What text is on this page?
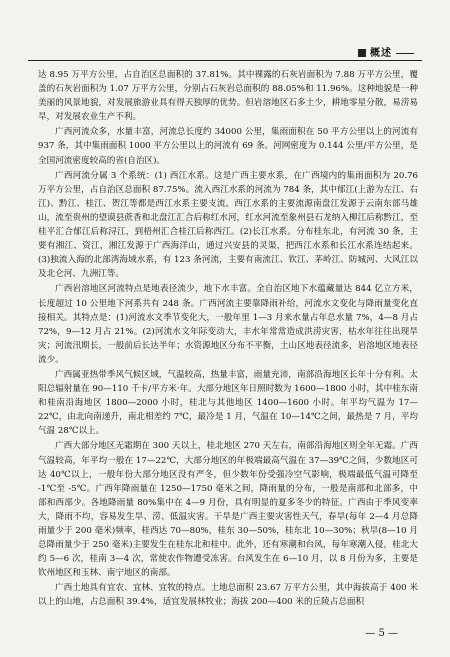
概述

达 8.95 万平方公里，占自治区总面积的 37.81%。其中裸露的石灰岩面积为 7.88 万平方公里，覆盖的石灰岩面积为 1.07 万平方公里，分别占石灰岩总面积的 88.05%和 11.96%。这种地貌是一种美丽的风景地貌，对发展旅游业具有得天独厚的优势。但岩溶地区石多土少，耕地零星分散，易涝易旱，对发展农业生产不利。

广西河流众多，水量丰富，河流总长度约 34000 公里，集雨面积在 50 平方公里以上的河流有 937 条，其中集雨面积 1000 平方公里以上的河流有 69 条。河网密度为 0.144 公里/平方公里，是全国河流密度较高的省(自治区)。

广西河流分属 3 个系统：(1) 西江水系。这是广西主要水系，在广西境内的集雨面积为 20.76 万平方公里，占自治区总面积 87.75%。流入西江水系的河流为 784 条，其中郁江(上游为左江、右江)、黔江、桂江、贺江等都是西江水系主要支流。西江水系的主要流源南盘江发源于云南东部马雄山，流至贵州的望谟县蔗香和北盘江汇合后称红水河，红水河流至象州县石龙纳入柳江后称黔江，至桂平汇合郁江后称浔江，到梧州汇合桂江后称西江。(2)长江水系。分布桂东北，有河流 30 条，主要有湘江、资江，湘江发源于广西海洋山，通过兴安县的灵渠，把西江水系和长江水系连结起来。(3)独流入海的北部湾海域水系，有 123 条河流，主要有南流江、钦江、茅岭江、防城河、大风江以及北仑河、九洲江等。

广西岩溶地区河流特点是地表径流少，地下水丰富。全自治区地下水蕴藏量达 844 亿立方米，长度超过 10 公里地下河系共有 248 条。广西河流主要靠降雨补给，河流水文变化与降雨量变化直接相关。其特点是：(1)河流水文季节变化大，一般年里 1—3 月来水量占年总水量 7%，4—8 月占 72%，9—12 月占 21%。(2)河流水文年际变动大，丰水年常常造成洪涝灾害，枯水年往往出现旱灾；河流汛期长，一般前后长达半年；水资源地区分布不平衡，土山区地表径流多，岩溶地区地表径流少。

广西属亚热带季风气候区域，气温较高，热量丰富，雨量充沛，南部沿海地区长年十分有利。太阳总辐射量在 90—110 千卡/平方米·年。大部分地区年日照时数为 1600—1800 小时，其中桂东南和桂南沿海地区 1800—2000 小时，桂北与其他地区 1400—1600 小时。年平均气温为 17—22℃，由北向南递升，南北相差约 7℃，最冷是 1 月，气温在 10—14℃之间，最热是 7 月，平均气温 28℃以上。

广西大部分地区无霜期在 300 天以上，桂北地区 270 天左右，南部沿海地区则全年无霜。广西气温较高，年平均一般在 17—22℃，大部分地区的年极端最高气温在 37—39℃之间，少数地区可达 40℃以上，一般年份大部分地区没有严冬，但少数年份受强冷空气影响，极端最低气温可降至 -1℃至 -5℃。广西年降雨量在 1250—1750 毫米之间，降雨量的分布，一般是南部和北部多，中部和西部少。各地降雨量 80%集中在 4—9 月份，具有明显的夏多冬少的特征。广西由于季风变率大，降雨不均，容易发生旱、涝、低温灾害。干旱是广西主要灾害性天气，春旱(每年 2—4 月总降雨量少于 200 毫米)频率，桂西达 70—80%，桂东 30—50%，桂东北 10—30%；秋旱(8—10 月总降雨量少于 250 毫米)主要发生在桂东北和桂中。此外，还有寒潮和台风，每年寒潮入侵，桂北大约 5—6 次，桂南 3—4 次，常使农作物遭受冻害。台风发生在 6—10 月，以 8 月份为多，主要是钦州地区和玉林、南宁地区的南部。

广西土地具有宜农、宜林、宜牧的特点。土地总面积 23.67 万平方公里，其中海拔高于 400 米以上的山地，占总面积 39.4%，适宜发展林牧业；海拔 200—400 米的丘陵占总面积

— 5 —
